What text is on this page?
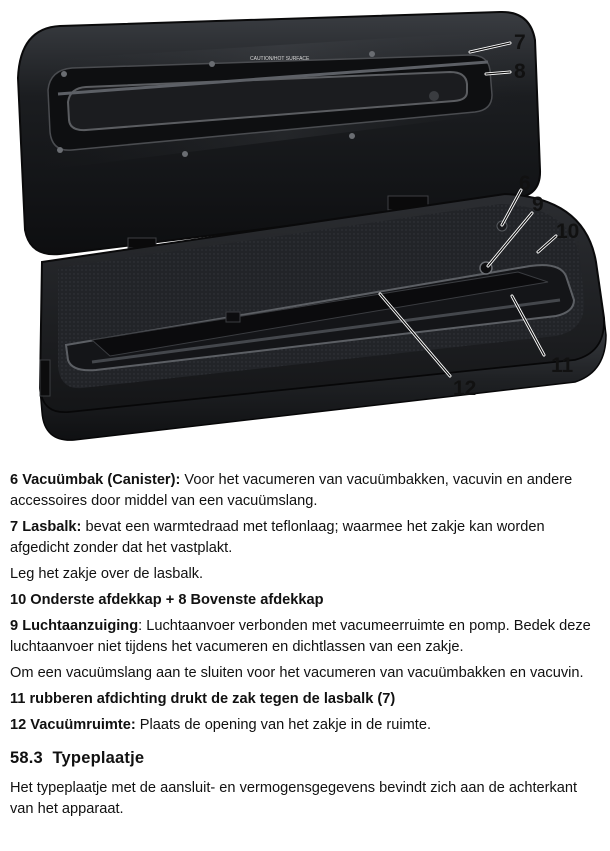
CAUTION/HOT SURFACE
7
8
6
9
10
11
12

6 Vacuümbak (Canister): Voor het vacumeren van vacuümbakken, vacuvin en andere accessoires door middel van een vacuümslang.

7 Lasbalk: bevat een warmtedraad met teflonlaag; waarmee het zakje kan worden afgedicht zonder dat het vastplakt.

Leg het zakje over de lasbalk.

10 Onderste afdekkap + 8 Bovenste afdekkap

9 Luchtaanzuiging: Luchtaanvoer verbonden met vacumeerruimte en pomp. Bedek deze luchtaanvoer niet tijdens het vacumeren en dichtlassen van een zakje.

Om een vacuümslang aan te sluiten voor het vacumeren van vacuümbakken en vacuvin.

11 rubberen afdichting drukt de zak tegen de lasbalk (7)

12 Vacuümruimte: Plaats de opening van het zakje in de ruimte.

58.3 Typeplaatje

Het typeplaatje met de aansluit- en vermogensgegevens bevindt zich aan de achterkant van het apparaat.
